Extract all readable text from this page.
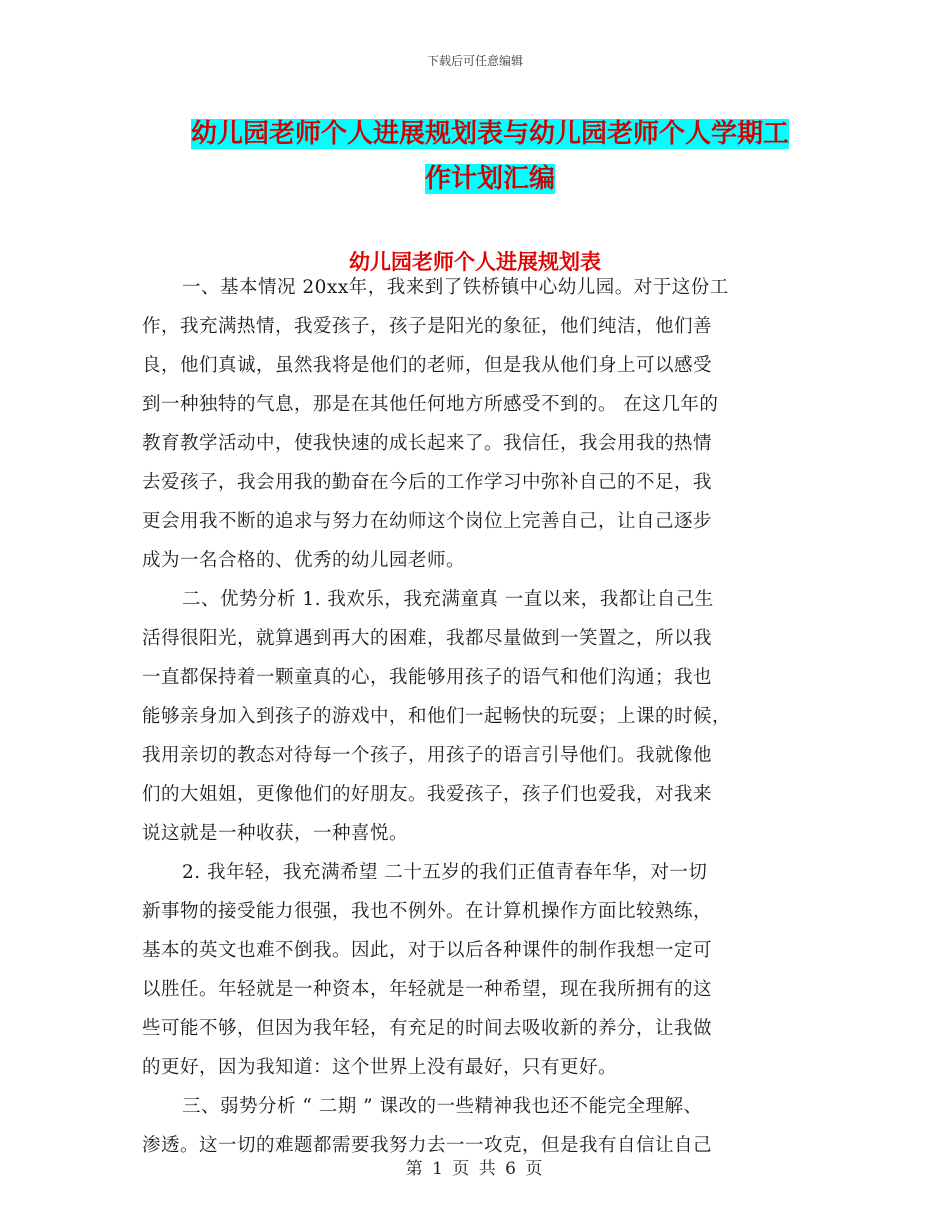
下载后可任意编辑
幼儿园老师个人进展规划表与幼儿园老师个人学期工
作计划汇编
幼儿园老师个人进展规划表

一、基本情况 20xx年，我来到了铁桥镇中心幼儿园。对于这份工
作，我充满热情，我爱孩子，孩子是阳光的象征，他们纯洁，他们善
良，他们真诚，虽然我将是他们的老师，但是我从他们身上可以感受
到一种独特的气息，那是在其他任何地方所感受不到的。 在这几年的
教育教学活动中，使我快速的成长起来了。我信任，我会用我的热情
去爱孩子，我会用我的勤奋在今后的工作学习中弥补自己的不足，我
更会用我不断的追求与努力在幼师这个岗位上完善自己，让自己逐步
成为一名合格的、优秀的幼儿园老师。

二、优势分析 1. 我欢乐，我充满童真 一直以来，我都让自己生
活得很阳光，就算遇到再大的困难，我都尽量做到一笑置之，所以我
一直都保持着一颗童真的心，我能够用孩子的语气和他们沟通；我也
能够亲身加入到孩子的游戏中，和他们一起畅快的玩耍；上课的时候，
我用亲切的教态对待每一个孩子，用孩子的语言引导他们。我就像他
们的大姐姐，更像他们的好朋友。我爱孩子，孩子们也爱我，对我来
说这就是一种收获，一种喜悦。

2. 我年轻，我充满希望 二十五岁的我们正值青春年华，对一切
新事物的接受能力很强，我也不例外。在计算机操作方面比较熟练，
基本的英文也难不倒我。因此，对于以后各种课件的制作我想一定可
以胜任。年轻就是一种资本，年轻就是一种希望，现在我所拥有的这
些可能不够，但因为我年轻，有充足的时间去吸收新的养分，让我做
的更好，因为我知道：这个世界上没有最好，只有更好。

三、弱势分析 “ 二期 ” 课改的一些精神我也还不能完全理解、
渗透。这一切的难题都需要我努力去一一攻克，但是我有自信让自己

第 1 页 共 6 页
